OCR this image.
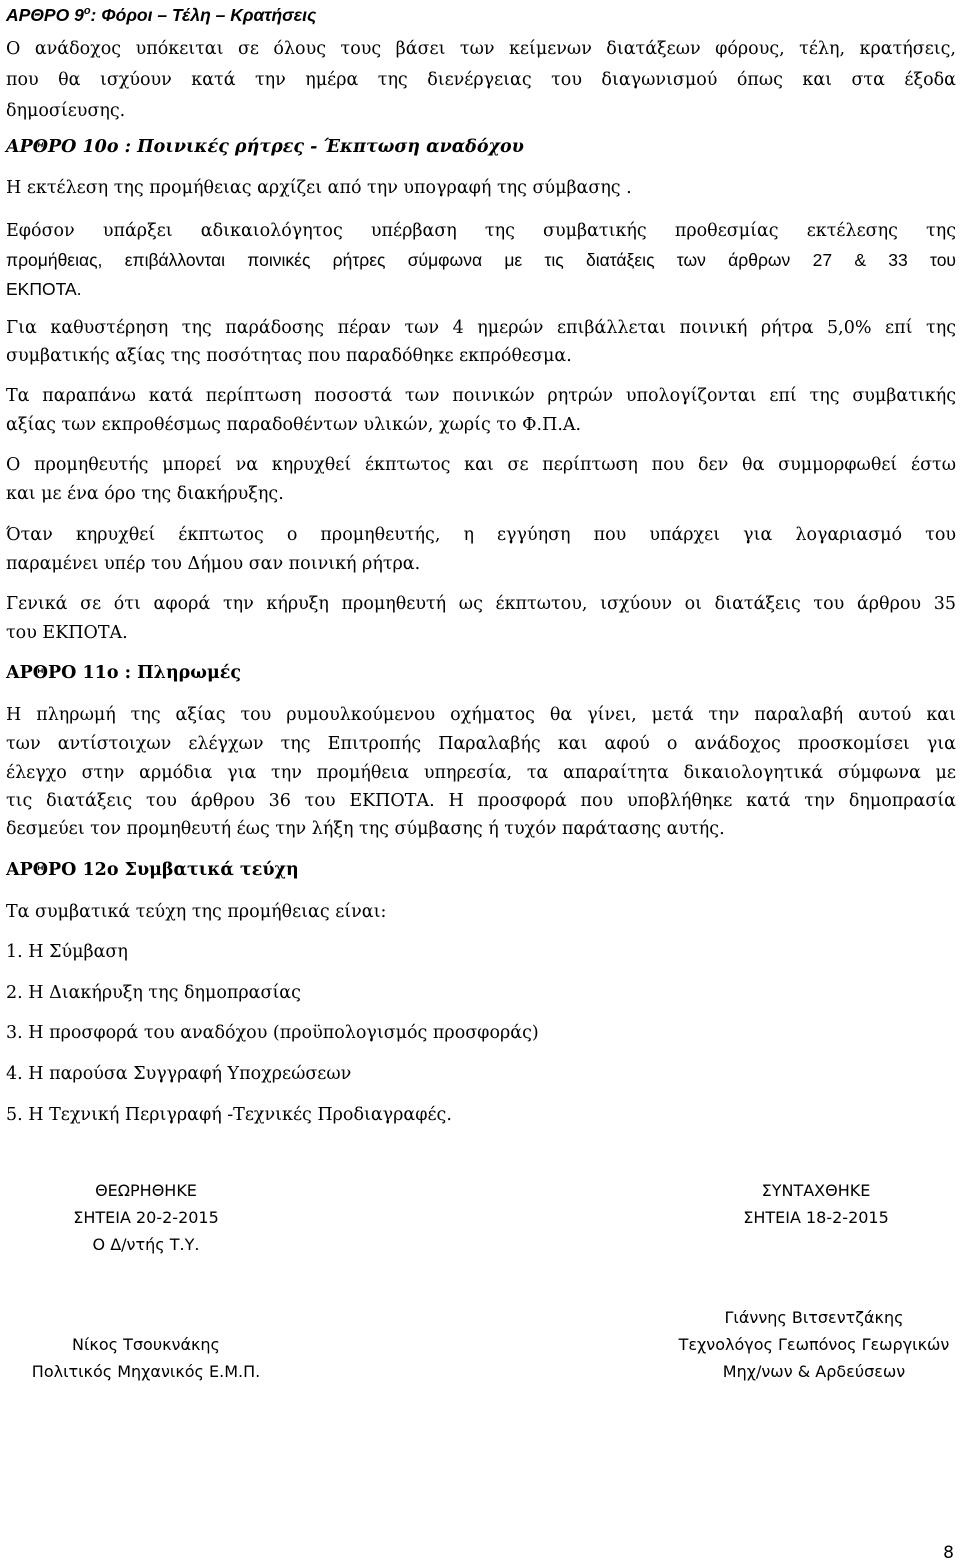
ΑΡΘΡΟ $9^o$: Φόροι – Τέλη – Κρατήσεις
Ο ανάδοχος υπόκειται σε όλους τους βάσει των κείμενων διατάξεων φόρους, τέλη, κρατήσεις,
που θα ισχύουν κατά την ημέρα της διενέργειας του διαγωνισμού όπως και στα έξοδα
δημοσίευσης.
ΑΡΘΡΟ 10ο : Ποινικές ρήτρες - Έκπτωση αναδόχου
Η εκτέλεση της προμήθειας αρχίζει από την υπογραφή της σύμβασης .
Εφόσον υπάρξει αδικαιολόγητος υπέρβαση της συμβατικής προθεσμίας εκτέλεσης της
προμήθειας, επιβάλλονται ποινικές ρήτρες σύμφωνα με τις διατάξεις των άρθρων 27 & 33 του
ΕΚΠΟΤΑ.
Για καθυστέρηση της παράδοσης πέραν των 4 ημερών επιβάλλεται ποινική ρήτρα 5,0% επί της
συμβατικής αξίας της ποσότητας που παραδόθηκε εκπρόθεσμα.
Τα παραπάνω κατά περίπτωση ποσοστά των ποινικών ρητρών υπολογίζονται επί της συμβατικής
αξίας των εκπροθέσμως παραδοθέντων υλικών, χωρίς το Φ.Π.Α.
Ο προμηθευτής μπορεί να κηρυχθεί έκπτωτος και σε περίπτωση που δεν θα συμμορφωθεί έστω
και με ένα όρο της διακήρυξης.
Όταν κηρυχθεί έκπτωτος ο προμηθευτής, η εγγύηση που υπάρχει για λογαριασμό του
παραμένει υπέρ του Δήμου σαν ποινική ρήτρα.
Γενικά σε ότι αφορά την κήρυξη προμηθευτή ως έκπτωτου, ισχύουν οι διατάξεις του άρθρου 35
του ΕΚΠΟΤΑ.
ΑΡΘΡΟ 11ο : Πληρωμές
Η πληρωμή της αξίας του ρυμουλκούμενου οχήματος θα γίνει, μετά την παραλαβή αυτού και
των αντίστοιχων ελέγχων της Επιτροπής Παραλαβής και αφού ο ανάδοχος προσκομίσει για
έλεγχο στην αρμόδια για την προμήθεια υπηρεσία, τα απαραίτητα δικαιολογητικά σύμφωνα με
τις διατάξεις του άρθρου 36 του ΕΚΠΟΤΑ. Η προσφορά που υποβλήθηκε κατά την δημοπρασία
δεσμεύει τον προμηθευτή έως την λήξη της σύμβασης ή τυχόν παράτασης αυτής.
ΑΡΘΡΟ 12ο Συμβατικά τεύχη
Τα συμβατικά τεύχη της προμήθειας είναι:
1. Η Σύμβαση
2. Η Διακήρυξη της δημοπρασίας
3. Η προσφορά του αναδόχου (προϋπολογισμός προσφοράς)
4. Η παρούσα Συγγραφή Υποχρεώσεων
5. Η Τεχνική Περιγραφή -Τεχνικές Προδιαγραφές.
ΘΕΩΡΗΘΗΚΕ
ΣΗΤΕΙΑ 20-2-2015
Ο Δ/ντής Τ.Υ.
Νίκος Τσουκνάκης
Πολιτικός Μηχανικός Ε.Μ.Π.
ΣΥΝΤΑΧΘΗΚΕ
ΣΗΤΕΙΑ 18-2-2015
Γιάννης Βιτσεντζάκης
Τεχνολόγος Γεωπόνος Γεωργικών
Μηχ/νων & Αρδεύσεων
8
